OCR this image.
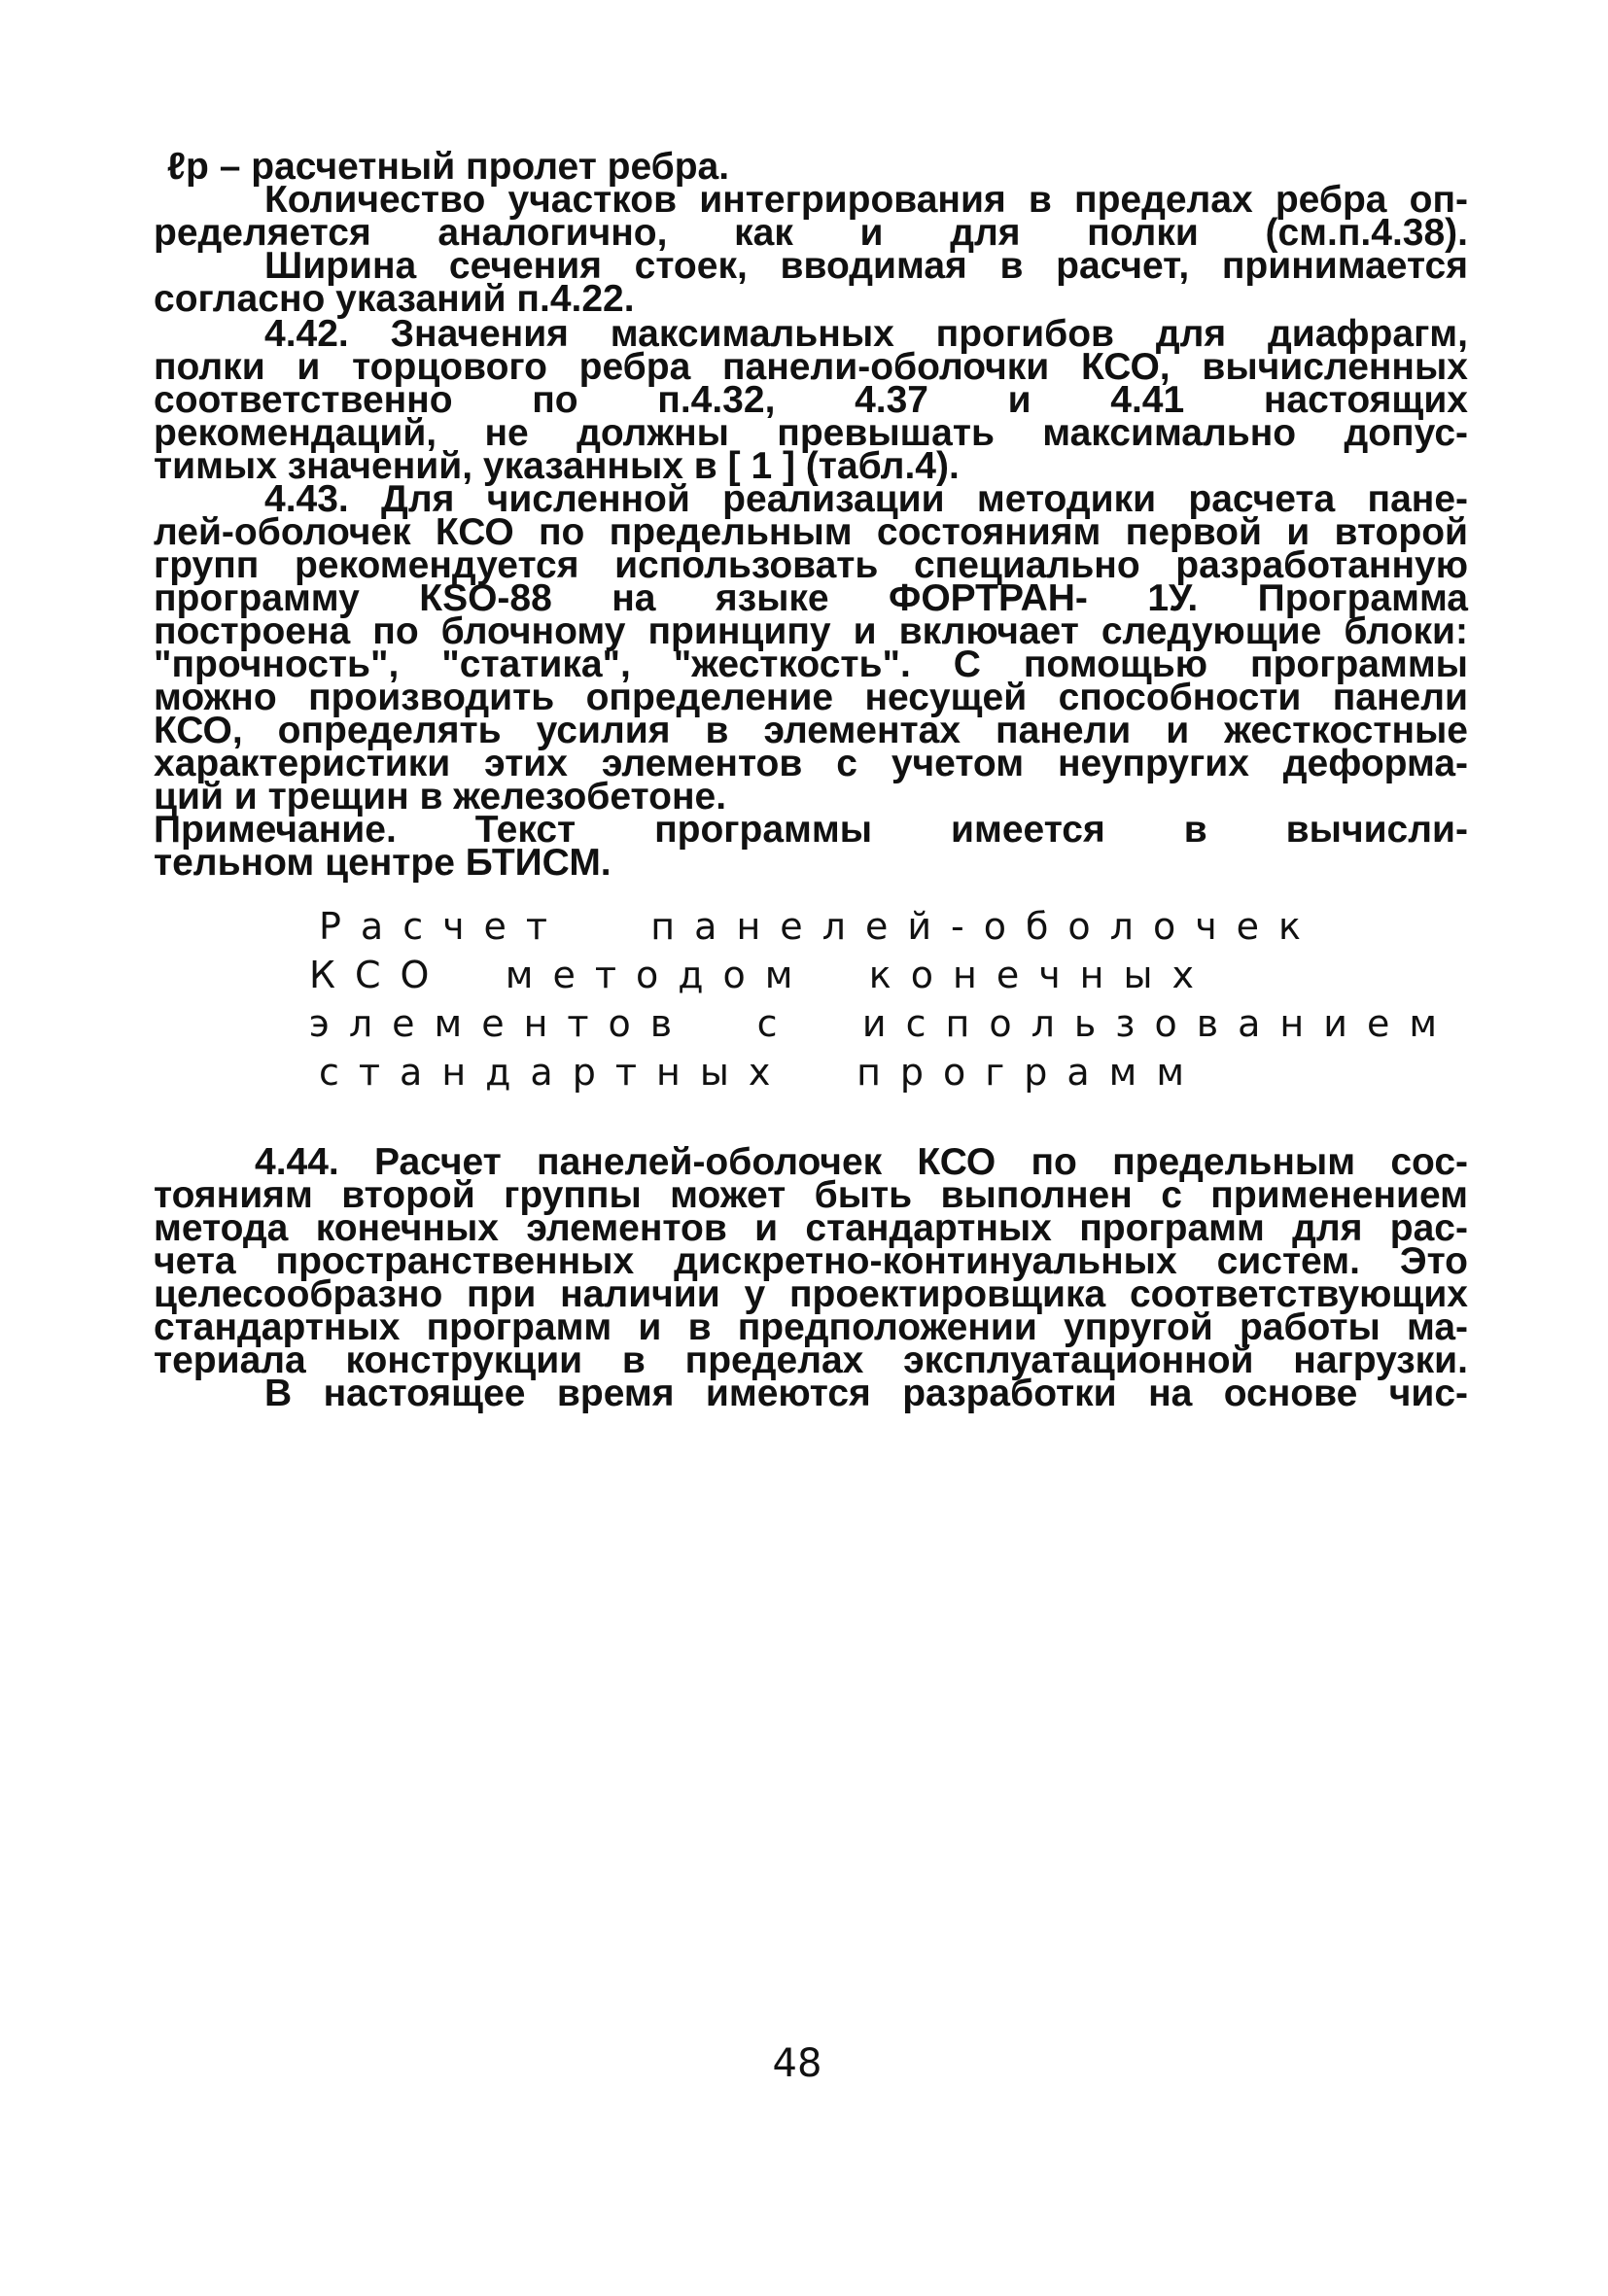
ℓр – расчетный пролет ребра.
Количество участков интегрирования в пределах ребра оп-
ределяется аналогично, как и для полки (см.п.4.38).
Ширина сечения стоек, вводимая в расчет, принимается
согласно указаний п.4.22.
4.42. Значения максимальных прогибов для диафрагм,
полки и торцового ребра панели-оболочки КСО, вычисленных
соответственно по п.4.32, 4.37 и 4.41 настоящих
рекомендаций, не должны превышать максимально допус-
тимых значений, указанных в [ 1 ] (табл.4).
4.43. Для численной реализации методики расчета пане-
лей-оболочек КСО по предельным состояниям первой и второй
групп рекомендуется использовать специально разработанную
программу КSO-88 на языке ФОРТРАН- 1У. Программа
построена по блочному принципу и включает следующие блоки:
"прочность", "статика", "жесткость". С помощью программы
можно производить определение несущей способности панели
КСО, определять усилия в элементах панели и жесткостные
характеристики этих элементов с учетом неупругих деформа-
ций и трещин в железобетоне.
Примечание. Текст программы имеется в вычисли-
тельном центре БТИСМ.
Расчет панелей-оболочек
КСО методом конечных
элементов с использованием
стандартных программ
4.44. Расчет панелей-оболочек КСО по предельным сос-
тояниям второй группы может быть выполнен с применением
метода конечных элементов и стандартных программ для рас-
чета пространственных дискретно-континуальных систем. Это
целесообразно при наличии у проектировщика соответствующих
стандартных программ и в предположении упругой работы ма-
териала конструкции в пределах эксплуатационной нагрузки.
В настоящее время имеются разработки на основе чис-
48
